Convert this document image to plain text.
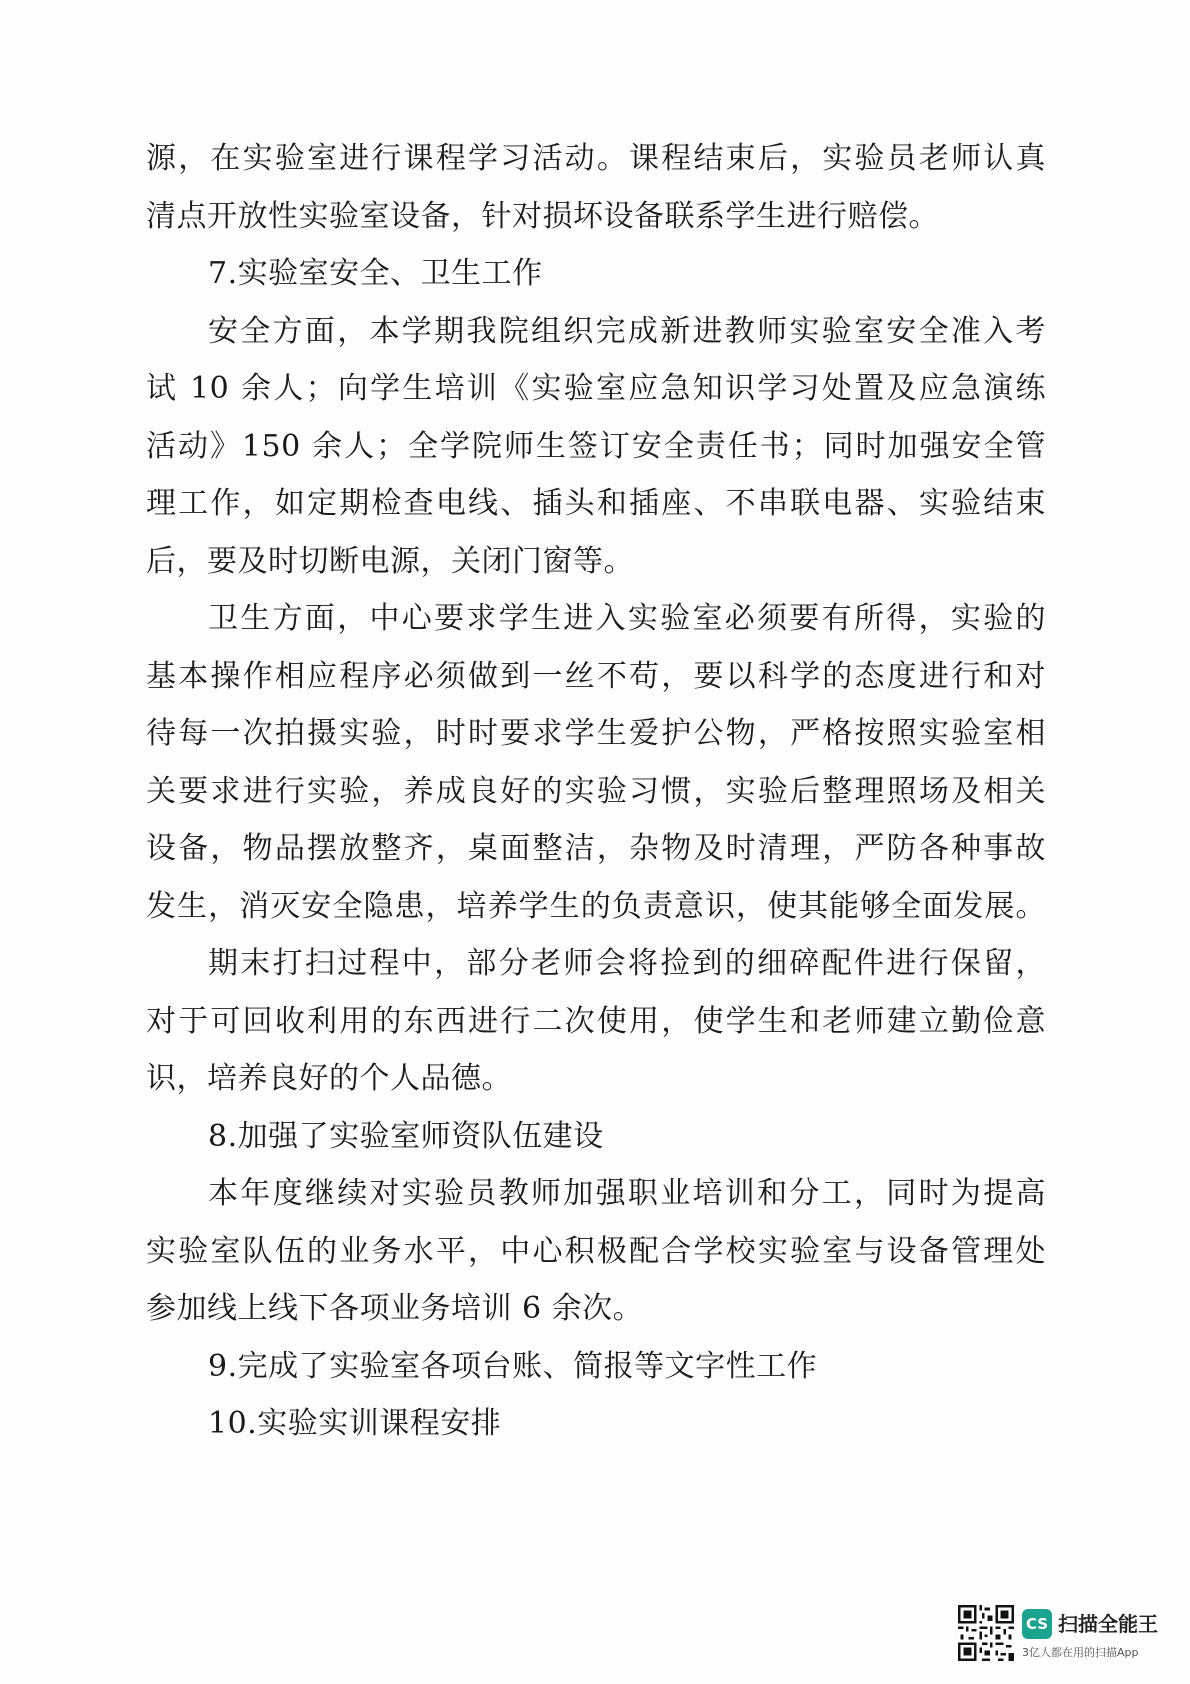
源，在实验室进行课程学习活动。课程结束后，实验员老师认真
清点开放性实验室设备，针对损坏设备联系学生进行赔偿。
7.实验室安全、卫生工作
安全方面，本学期我院组织完成新进教师实验室安全准入考
试 10 余人；向学生培训《实验室应急知识学习处置及应急演练
活动》150 余人；全学院师生签订安全责任书；同时加强安全管
理工作，如定期检查电线、插头和插座、不串联电器、实验结束
后，要及时切断电源，关闭门窗等。
卫生方面，中心要求学生进入实验室必须要有所得，实验的
基本操作相应程序必须做到一丝不苟，要以科学的态度进行和对
待每一次拍摄实验，时时要求学生爱护公物，严格按照实验室相
关要求进行实验，养成良好的实验习惯，实验后整理照场及相关
设备，物品摆放整齐，桌面整洁，杂物及时清理，严防各种事故
发生，消灭安全隐患，培养学生的负责意识，使其能够全面发展。
期末打扫过程中，部分老师会将捡到的细碎配件进行保留，
对于可回收利用的东西进行二次使用，使学生和老师建立勤俭意
识，培养良好的个人品德。
8.加强了实验室师资队伍建设
本年度继续对实验员教师加强职业培训和分工，同时为提高
实验室队伍的业务水平，中心积极配合学校实验室与设备管理处
参加线上线下各项业务培训 6 余次。
9.完成了实验室各项台账、简报等文字性工作
10.实验实训课程安排
CS 扫描全能王
3亿人都在用的扫描App
